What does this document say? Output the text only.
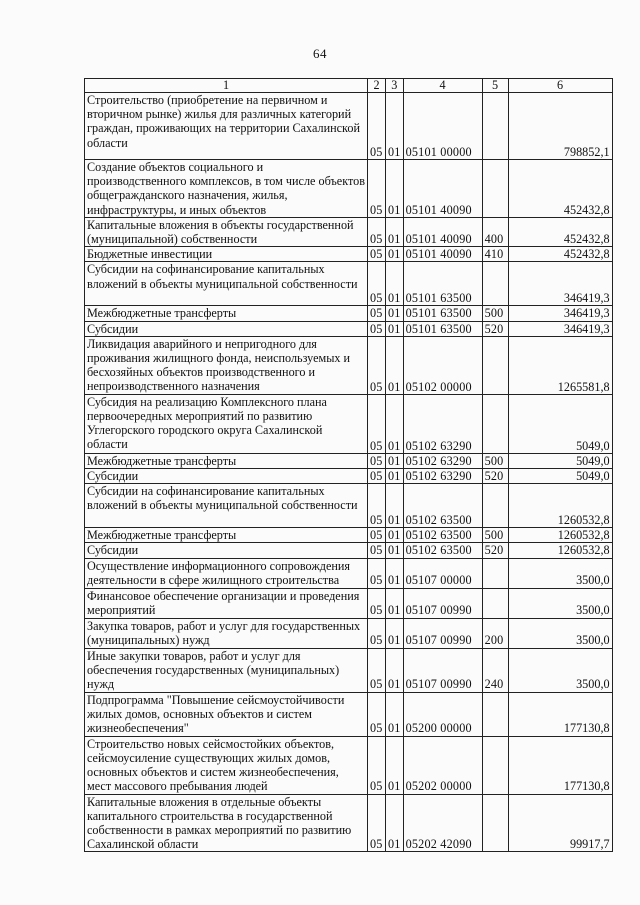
64
1	2	3	4	5	6
Строительство (приобретение на первичном и вторичном рынке) жилья для различных категорий граждан, проживающих на территории Сахалинской области	05	01	05101 00000		798852,1
Создание объектов социального и производственного комплексов, в том числе объектов общегражданского назначения, жилья, инфраструктуры, и иных объектов	05	01	05101 40090		452432,8
Капитальные вложения в объекты государственной (муниципальной) собственности	05	01	05101 40090	400	452432,8
Бюджетные инвестиции	05	01	05101 40090	410	452432,8
Субсидии на софинансирование капитальных вложений в объекты муниципальной собственности	05	01	05101 63500		346419,3
Межбюджетные трансферты	05	01	05101 63500	500	346419,3
Субсидии	05	01	05101 63500	520	346419,3
Ликвидация аварийного и непригодного для проживания жилищного фонда, неиспользуемых и бесхозяйных объектов производственного и непроизводственного назначения	05	01	05102 00000		1265581,8
Субсидия на реализацию Комплексного плана первоочередных мероприятий по развитию Углегорского городского округа Сахалинской области	05	01	05102 63290		5049,0
Межбюджетные трансферты	05	01	05102 63290	500	5049,0
Субсидии	05	01	05102 63290	520	5049,0
Субсидии на софинансирование капитальных вложений в объекты муниципальной собственности	05	01	05102 63500		1260532,8
Межбюджетные трансферты	05	01	05102 63500	500	1260532,8
Субсидии	05	01	05102 63500	520	1260532,8
Осуществление информационного сопровождения деятельности в сфере жилищного строительства	05	01	05107 00000		3500,0
Финансовое обеспечение организации и проведения мероприятий	05	01	05107 00990		3500,0
Закупка товаров, работ и услуг для государственных (муниципальных) нужд	05	01	05107 00990	200	3500,0
Иные закупки товаров, работ и услуг для обеспечения государственных (муниципальных) нужд	05	01	05107 00990	240	3500,0
Подпрограмма "Повышение сейсмоустойчивости жилых домов, основных объектов и систем жизнеобеспечения"	05	01	05200 00000		177130,8
Строительство новых сейсмостойких объектов, сейсмоусиление существующих жилых домов, основных объектов и систем жизнеобеспечения, мест массового пребывания людей	05	01	05202 00000		177130,8
Капитальные вложения в отдельные объекты капитального строительства в государственной собственности в рамках мероприятий по развитию Сахалинской области	05	01	05202 42090		99917,7
